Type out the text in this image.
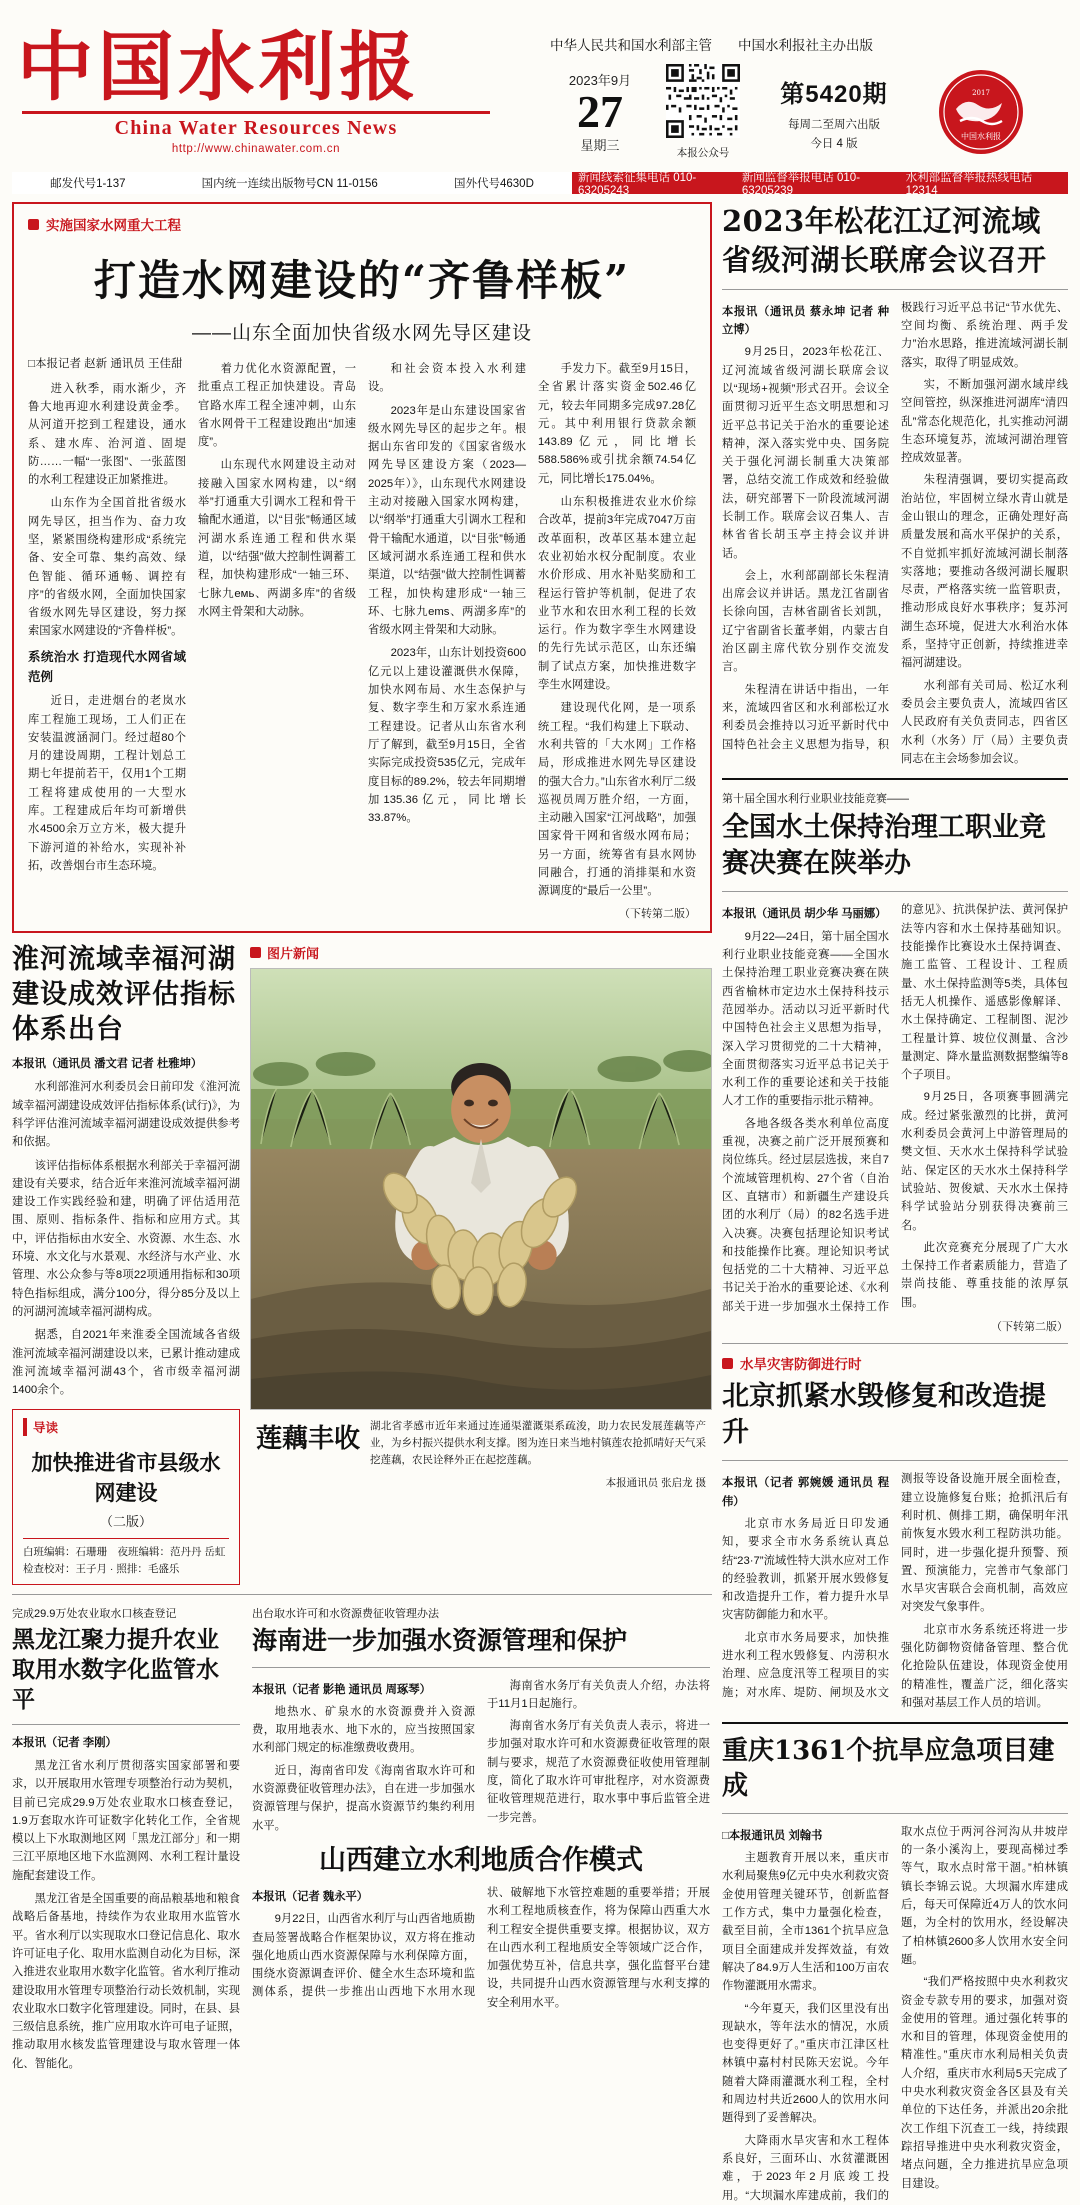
中国水利报
China Water Resources News
http://www.chinawater.com.cn
中华人民共和国水利部主管 中国水利报社主办出版
2023年9月
27
星期三	本报公众号
第5420期
每周二至周六出版
今日 4 版
中国水利报
2017
邮发代号1-137	国内统一连续出版物号CN 11-0156	国外代号4630D	新闻线索征集电话 010-63205243
新闻监督举报电话 010-63205239
水利部监督举报热线电话 12314
实施国家水网重大工程
打造水网建设的“齐鲁样板”
——山东全面加快省级水网先导区建设
□本报记者 赵新 通讯员 王佳甜

进入秋季，雨水渐少，齐鲁大地再迎水利建设黄金季。从河道开挖到工程建设，通水系、建水库、治河道、固堤防……一幅“一张图”、一张蓝图的水利工程建设正加紧推进。

山东作为全国首批省级水网先导区，担当作为、奋力攻坚，紧紧围绕构建形成“系统完备、安全可靠、集约高效、绿色智能、循环通畅、调控有序”的省级水网，全面加快国家省级水网先导区建设，努力探索国家水网建设的“齐鲁样板”。

系统治水 打造现代水网省域范例

近日，走进烟台的老岚水库工程施工现场，工人们正在安装温渡涵洞门。经过超80个月的建设周期，工程计划总工期七年提前若干，仅用1个工期工程将建成使用的一大型水库。工程建成后年均可新增供水4500余万立方米，极大提升下游河道的补给水，实现补补拓，改善烟台市生态环境。

着力优化水资源配置，一批重点工程正加快建设。青岛官路水库工程全速冲刺，山东省水网骨干工程建设跑出“加速度”。

山东现代水网建设主动对接融入国家水网构建，以“纲举”打通重大引调水工程和骨干输配水通道，以“目张”畅通区域河湖水系连通工程和供水渠道，以“结强”做大控制性调蓄工程，加快构建形成“一轴三环、七脉九емь、两湖多库”的省级水网主骨架和大动脉。

和社会资本投入水利建设。

2023年是山东建设国家省级水网先导区的起步之年。根据山东省印发的《国家省级水网先导区建设方案（2023—2025年）》，山东现代水网建设主动对接融入国家水网构建，以“纲举”打通重大引调水工程和骨干输配水通道，以“目张”畅通区域河湖水系连通工程和供水渠道，以“结强”做大控制性调蓄工程，加快构建形成“一轴三环、七脉九ems、两湖多库”的省级水网主骨架和大动脉。

2023年，山东计划投资600亿元以上建设灌溉供水保障，加快水网布局、水生态保护与复、数字孪生和万家水系连通工程建设。记者从山东省水利厅了解到，截至9月15日，全省实际完成投资535亿元，完成年度目标的89.2%，较去年同期增加135.36亿元，同比增长33.87%。

手发力下。截至9月15日，全省累计落实资金502.46亿元，较去年同期多完成97.28亿元。其中利用银行贷款余额143.89亿元，同比增长588.586%或引扰余额74.54亿元，同比增长175.04%。

山东积极推进农业水价综合改革，提前3年完成7047万亩改革面积，改革区基本建立起农业初始水权分配制度。农业水价形成、用水补贴奖励和工程运行管护等机制，促进了农业节水和农田水利工程的长效运行。作为数字孪生水网建设的先行先试示范区，山东还编制了试点方案，加快推进数字孪生水网建设。

建设现代化网，是一项系统工程。“我们构建上下联动、水利共管的「大水网」工作格局，形成推进水网先导区建设的强大合力。”山东省水利厅二级巡视员周万胜介绍，一方面，主动融入国家“江河战略”，加强国家骨干网和省级水网布局；另一方面，统筹省有县水网协同融合，打通的消排渠和水资源调度的“最后一公里”。

（下转第二版）
淮河流域幸福河湖建设成效评估指标体系出台

本报讯（通讯员 潘文君 记者 杜雅坤）

水利部淮河水利委员会日前印发《淮河流域幸福河湖建设成效评估指标体系(试行)》，为科学评估淮河流域幸福河湖建设成效提供参考和依据。

该评估指标体系根据水利部关于幸福河湖建设有关要求，结合近年来淮河流域幸福河湖建设工作实践经验和建，明确了评估适用范围、原则、指标条件、指标和应用方式。其中，评估指标由水安全、水资源、水生态、水环境、水文化与水景观、水经济与水产业、水管理、水公众参与等8项22项通用指标和30项特色指标组成，满分100分，得分85分及以上的河湖河流域幸福河湖构成。

据悉，自2021年来淮委全国流域各省级淮河流域幸福河湖建设以来，已累计推动建成淮河流域幸福河湖43个，省市级幸福河湖1400余个。

导读
加快推进省市县级水网建设
（二版）
白班编辑：石珊珊　夜班编辑：范丹丹 岳虹
检查校对：王子月 · 照排：毛盛乐
图片新闻
莲藕丰收 湖北省孝感市近年来通过连通渠灌溉渠系疏浚，助力农民发展莲藕等产业，为乡村振兴提供水利支撑。图为连日来当地村镇莲农抢抓晴好天气采挖莲藕，农民诠释外正在起挖莲藕。
本报通讯员 张启龙 摄
完成29.9万处农业取水口核查登记
黑龙江聚力提升农业取用水数字化监管水平

本报讯（记者 李刚）

黑龙江省水利厅贯彻落实国家部署和要求，以开展取用水管理专项整治行动为契机，目前已完成29.9万处农业取水口核查登记，1.9万套取水许可证数字化转化工作，全省规模以上下水取测地区网「黑龙江部分」和一期三江平原地区地下水监测网、水利工程计量设施配套建设工作。

黑龙江省是全国重要的商品粮基地和粮食战略后备基地，持续作为农业取用水监管水平。省水利厅以实现取水口登记信息化、取水许可证电子化、取用水监测自动化为目标，深入推进农业取用水数字化监管。省水利厅推动建设取用水管理专项整治行动长效机制，实现农业取水口数字化管理建设。同时，在县、县三级信息系统，推广应用取水许可电子证照，推动取用水核发监管理建设与取水管理一体化、智能化。

出台取水许可和水资源费征收管理办法
海南进一步加强水资源管理和保护

本报讯（记者 影艳 通讯员 周琢琴）

地热水、矿泉水的水资源费并入资源费，取用地表水、地下水的，应当按照国家水利部门规定的标准缴费收费用。

近日，海南省印发《海南省取水许可和水资源费征收管理办法》，自在进一步加强水资源管理与保护，提高水资源节约集约利用水平。

海南省水务厅有关负责人介绍，办法将于11月1日起施行。

海南省水务厅有关负责人表示，将进一步加强对取水许可和水资源费征收管理的限制与要求，规范了水资源费征收使用管理制度，简化了取水许可审批程序，对水资源费征收管理规范进行，取水事中事后监管全进一步完善。

山西建立水利地质合作模式

本报讯（记者 魏永平）

9月22日，山西省水利厅与山西省地质勘查局签署战略合作框架协议，双方将在推动强化地质山西水资源保障与水利保障方面，围绕水资源调查评价、健全水生态环境和监测体系，提供一步推出山西地下水用水现状、破解地下水管控难题的重要举措；开展水利工程地质核查作，将为保障山西重大水利工程安全提供重要支撑。根据协议，双方在山西水利工程地质安全等领域广泛合作，加强优势互补，信息共享，强化监督平台建设，共同提升山西水资源管理与水利支撑的安全利用水平。

2023年松花江辽河流域省级河湖长联席会议召开

本报讯（通讯员 蔡永坤 记者 种立博）

9月25日，2023年松花江、辽河流域省级河湖长联席会议以“现场+视频”形式召开。会议全面贯彻习近平生态文明思想和习近平总书记关于治水的重要论述精神，深入落实党中央、国务院关于强化河湖长制重大决策部署，总结交流工作成效和经验做法，研究部署下一阶段流域河湖长制工作。联席会议召集人、吉林省省长胡玉亭主持会议并讲话。

会上，水利部副部长朱程清出席会议并讲话。黑龙江省副省长徐向国，吉林省副省长刘凯，辽宁省副省长董孝娟，内蒙古自治区副主席代钦分别作交流发言。

朱程清在讲话中指出，一年来，流域四省区和水利部松辽水利委员会推持以习近平新时代中国特色社会主义思想为指导，积极践行习近平总书记“节水优先、空间均衡、系统治理、两手发力”治水思路，推进流域河湖长制落实，取得了明显成效。

实，不断加强河湖水域岸线空间管控，纵深推进河湖库“清四乱”常态化规范化，扎实推动河湖生态环境复苏，流域河湖治理管控成效显著。

朱程清强调，要切实提高政治站位，牢固树立绿水青山就是金山银山的理念，正确处理好高质量发展和高水平保护的关系，不自觉抓牢抓好流域河湖长制落实落地；要推动各级河湖长履职尽责，严格落实统一监管职责，推动形成良好水事秩序；复苏河湖生态环境，促进大水利治水体系，坚持守正创新，持续推进幸福河湖建设。

水利部有关司局、松辽水利委员会主要负责人，流域四省区人民政府有关负责同志，四省区水利（水务）厅（局）主要负责同志在主会场参加会议。

第十届全国水利行业职业技能竞赛——
全国水土保持治理工职业竞赛决赛在陕举办

本报讯（通讯员 胡少华 马丽娜）

9月22—24日，第十届全国水利行业职业技能竞赛——全国水土保持治理工职业竞赛决赛在陕西省榆林市定边水土保持科技示范园举办。活动以习近平新时代中国特色社会主义思想为指导，深入学习贯彻党的二十大精神，全面贯彻落实习近平总书记关于水利工作的重要论述和关于技能人才工作的重要指示批示精神。

各地各级各类水利单位高度重视，决赛之前广泛开展预赛和岗位练兵。经过层层选拔，来自7个流域管理机构、27个省（自治区、直辖市）和新疆生产建设兵团的水利厅（局）的82名选手进入决赛。决赛包括理论知识考试和技能操作比赛。理论知识考试包括党的二十大精神、习近平总书记关于治水的重要论述、《水利部关于进一步加强水土保持工作的意见》、抗洪保护法、黄河保护法等内容和水土保持基础知识。技能操作比赛设水土保持调查、施工监管、工程设计、工程质量、水土保持监测等5类，具体包括无人机操作、遥感影像解译、水土保持确定、工程制图、泥沙工程量计算、坡位仪测量、含沙量测定、降水量监测数据整编等8个子项目。

9月25日，各项赛事圆满完成。经过紧张激烈的比拼，黄河水利委员会黄河上中游管理局的樊文恒、天水水土保持科学试验站、保定区的天水水土保持科学试验站、贺俊斌、天水水土保持科学试验站分别获得决赛前三名。

此次竞赛充分展现了广大水土保持工作者素质能力，营造了崇尚技能、尊重技能的浓厚氛围。

（下转第二版）
水旱灾害防御进行时
北京抓紧水毁修复和改造提升

本报讯（记者 郭婉媛 通讯员 程伟）

北京市水务局近日印发通知，要求全市水务系统认真总结“23·7”流域性特大洪水应对工作的经验教训，抓紧开展水毁修复和改造提升工作，着力提升水旱灾害防御能力和水平。

北京市水务局要求，加快推进水利工程水毁修复、内涝积水治理、应急度汛等工程项目的实施；对水库、堤防、闸坝及水文测报等设备设施开展全面检查，建立设施修复台账；抢抓汛后有利时机、侧排工期，确保明年汛前恢复水毁水利工程防洪功能。同时，进一步强化提升预警、预置、预演能力，完善市气象部门水旱灾害联合会商机制，高效应对突发气象事件。

北京市水务系统还将进一步强化防御物资储备管理、整合优化抢险队伍建设，体现资金使用的精准性，覆盖广泛，细化落实和强对基层工作人员的培训。

重庆1361个抗旱应急项目建成

□本报通讯员 刘翰书

主题教育开展以来，重庆市水利局聚焦9亿元中央水利救灾资金使用管理关键环节，创新监督工作方式，集中力量强化检查，截至目前，全市1361个抗旱应急项目全面建成并发挥效益，有效解决了84.9万人生活和100万亩农作物灌溉用水需求。

“今年夏天，我们区里没有出现缺水，等年法水的情况，水质也变得更好了。”重庆市江津区杜林镇中嘉村村民陈天宏说。今年随着大降雨灌溉水利工程，全村和周边村共近2600人的饮用水问题得到了妥善解决。

大降雨水旱灾害和水工程体系良好，三面环山、水贫灌溉困难，于2023年2月底竣工投用。“大坝漏水库建成前，我们的取水点位于两河谷河沟从井坡岸的一条小溪沟上，要现高梯过季等气，取水点时常干涸。”柏林镇镇长李锦云说。大坝漏水库建成后，每天可保障近4万人的饮水问题，为全村的饮用水，经设解决了柏林镇2600多人饮用水安全问题。

“我们严格按照中央水利救灾资金专款专用的要求，加强对资金使用的管理。通过强化转事的水和目的管理，体现资金使用的精准性。”重庆市水利局相关负责人介绍，重庆市水利局5天完成了中央水利救灾资金各区县及有关单位的下达任务，并派出20余批次工作组下沉查工一线，持续跟踪招导推进中央水利救灾资金，堵点问题，全力推进抗旱应急项目建设。
